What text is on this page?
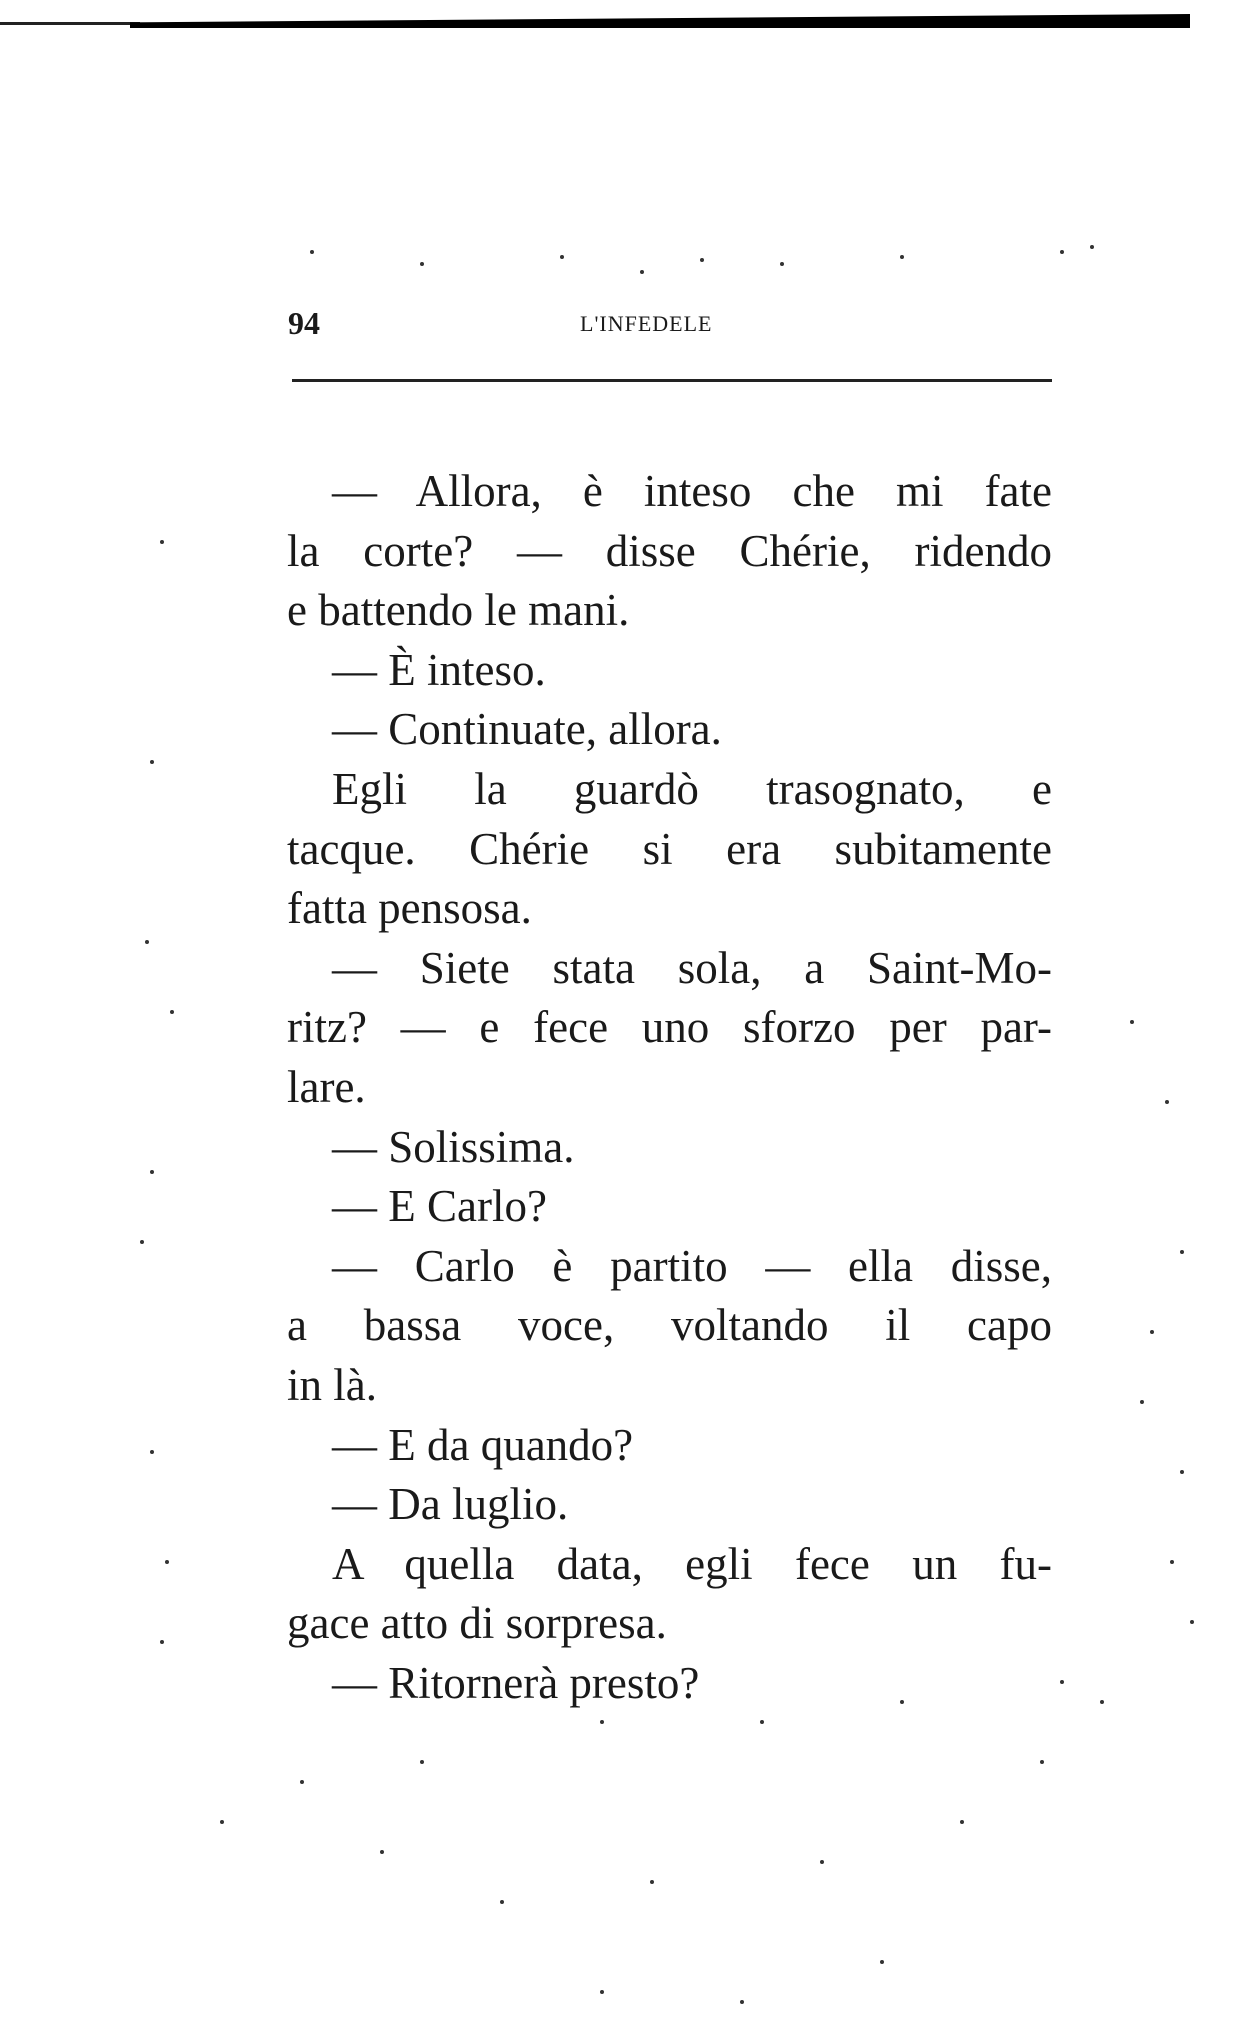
94	L'INFEDELE
— Allora, è inteso che mi fate
la corte? — disse Chérie, ridendo
e battendo le mani.
— È inteso.
— Continuate, allora.
Egli la guardò trasognato, e
tacque. Chérie si era subitamente
fatta pensosa.
— Siete stata sola, a Saint-Mo-
ritz? — e fece uno sforzo per par-
lare.
— Solissima.
— E Carlo?
— Carlo è partito — ella disse,
a bassa voce, voltando il capo
in là.
— E da quando?
— Da luglio.
A quella data, egli fece un fu-
gace atto di sorpresa.
— Ritornerà presto?
